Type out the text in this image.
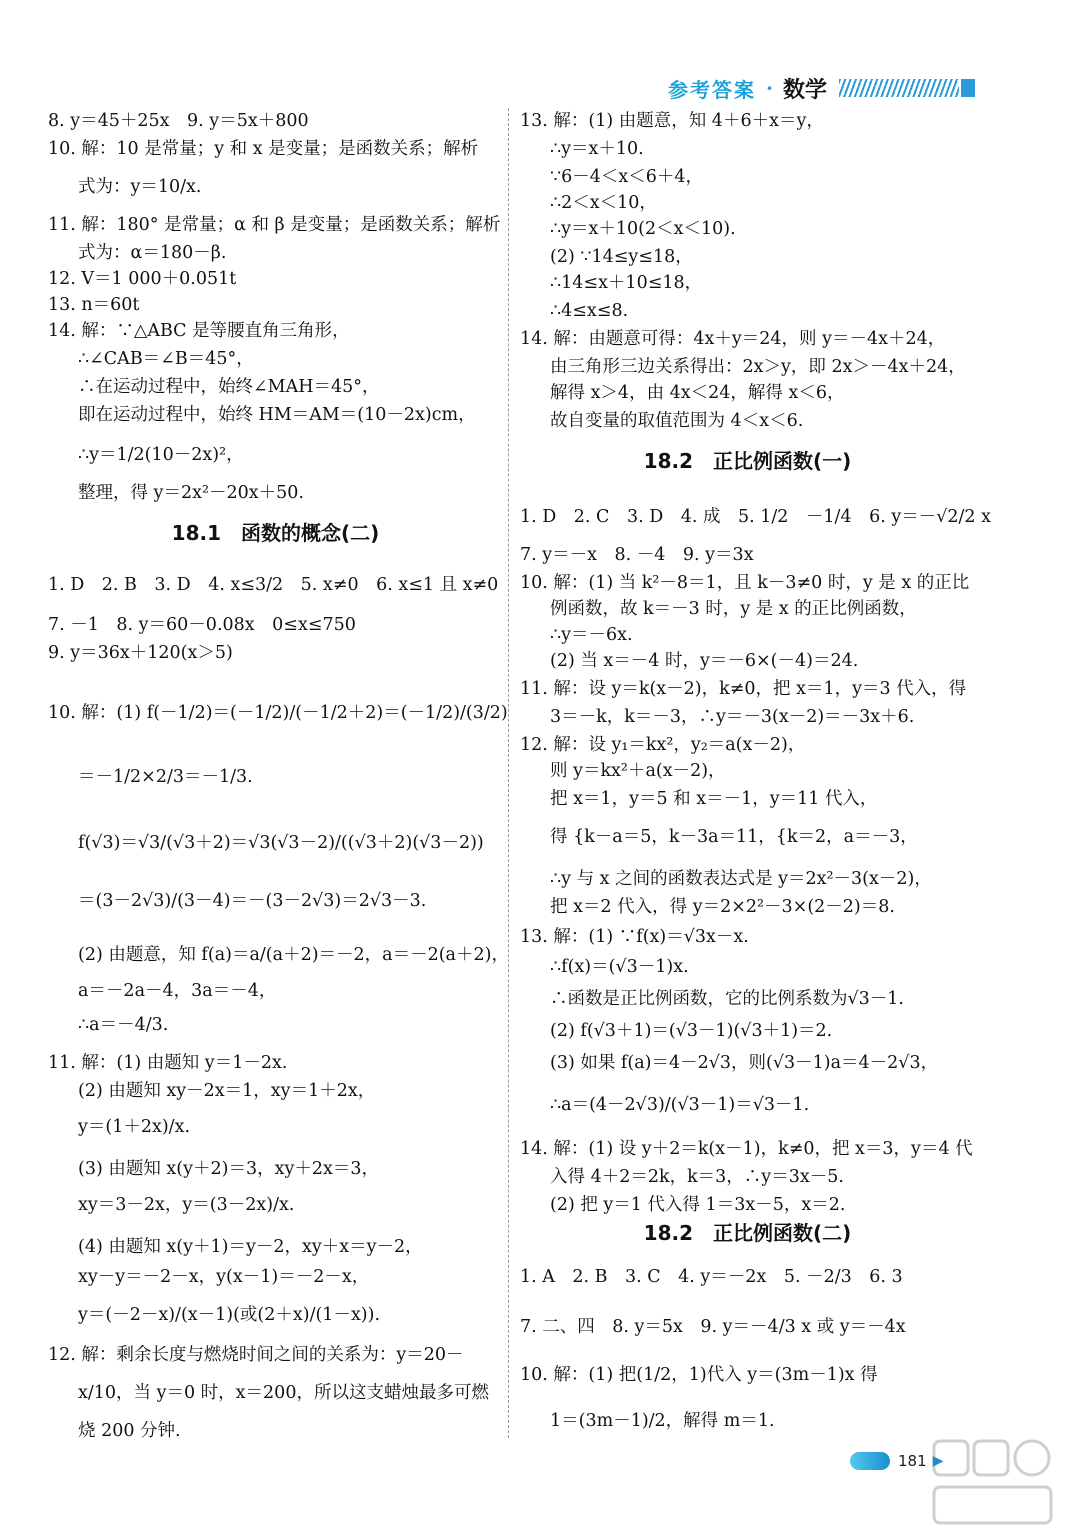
参考答案 · 数学
8. y＝45＋25x　9. y＝5x＋800
10. 解：10 是常量；y 和 x 是变量；是函数关系；解析
式为：y＝10/x.
11. 解：180° 是常量；α 和 β 是变量；是函数关系；解析
式为：α＝180－β.
12. V＝1 000＋0.051t
13. n＝60t
14. 解：∵△ABC 是等腰直角三角形，
∴∠CAB＝∠B＝45°，
∴在运动过程中，始终∠MAH＝45°，
即在运动过程中，始终 HM＝AM＝(10－2x)cm，
∴y＝1/2(10－2x)²，
整理，得 y＝2x²－20x＋50.
18.1　函数的概念(二)
1. D　2. B　3. D　4. x≤3/2　5. x≠0　6. x≤1 且 x≠0
7. －1　8. y＝60－0.08x　0≤x≤750
9. y＝36x＋120(x＞5)
10. 解：(1) f(－1/2)＝(－1/2)/(－1/2＋2)＝(－1/2)/(3/2)
＝－1/2×2/3＝－1/3.
f(√3)＝√3/(√3＋2)＝√3(√3－2)/((√3＋2)(√3－2))
＝(3－2√3)/(3－4)＝－(3－2√3)＝2√3－3.
(2) 由题意，知 f(a)＝a/(a＋2)＝－2，a＝－2(a＋2)，
a＝－2a－4，3a＝－4，
∴a＝－4/3.
11. 解：(1) 由题知 y＝1－2x.
(2) 由题知 xy－2x＝1，xy＝1＋2x，
y＝(1＋2x)/x.
(3) 由题知 x(y＋2)＝3，xy＋2x＝3，
xy＝3－2x，y＝(3－2x)/x.
(4) 由题知 x(y＋1)＝y－2，xy＋x＝y－2，
xy－y＝－2－x，y(x－1)＝－2－x，
y＝(－2－x)/(x－1)(或(2＋x)/(1－x)).
12. 解：剩余长度与燃烧时间之间的关系为：y＝20－
x/10，当 y＝0 时，x＝200，所以这支蜡烛最多可燃
烧 200 分钟.
13. 解：(1) 由题意，知 4＋6＋x＝y，
∴y＝x＋10.
∵6－4＜x＜6＋4，
∴2＜x＜10，
∴y＝x＋10(2＜x＜10).
(2) ∵14≤y≤18，
∴14≤x＋10≤18，
∴4≤x≤8.
14. 解：由题意可得：4x＋y＝24，则 y＝－4x＋24，
由三角形三边关系得出：2x＞y，即 2x＞－4x＋24，
解得 x＞4，由 4x＜24，解得 x＜6，
故自变量的取值范围为 4＜x＜6.
18.2　正比例函数(一)
1. D　2. C　3. D　4. 成　5. 1/2　－1/4　6. y＝－√2/2 x
7. y＝－x　8. －4　9. y＝3x
10. 解：(1) 当 k²－8＝1，且 k－3≠0 时，y 是 x 的正比
例函数，故 k＝－3 时，y 是 x 的正比例函数，
∴y＝－6x.
(2) 当 x＝－4 时，y＝－6×(－4)＝24.
11. 解：设 y＝k(x－2)，k≠0，把 x＝1，y＝3 代入，得
3＝－k，k＝－3，∴y＝－3(x－2)＝－3x＋6.
12. 解：设 y₁＝kx²，y₂＝a(x－2)，
则 y＝kx²＋a(x－2)，
把 x＝1，y＝5 和 x＝－1，y＝11 代入，
得 {k－a＝5，k－3a＝11，{k＝2，a＝－3，
∴y 与 x 之间的函数表达式是 y＝2x²－3(x－2)，
把 x＝2 代入，得 y＝2×2²－3×(2－2)＝8.
13. 解：(1) ∵f(x)＝√3x－x.
∴f(x)＝(√3－1)x.
∴函数是正比例函数，它的比例系数为√3－1.
(2) f(√3＋1)＝(√3－1)(√3＋1)＝2.
(3) 如果 f(a)＝4－2√3，则(√3－1)a＝4－2√3，
∴a＝(4－2√3)/(√3－1)＝√3－1.
14. 解：(1) 设 y＋2＝k(x－1)，k≠0，把 x＝3，y＝4 代
入得 4＋2＝2k，k＝3，∴y＝3x－5.
(2) 把 y＝1 代入得 1＝3x－5，x＝2.
18.2　正比例函数(二)
1. A　2. B　3. C　4. y＝－2x　5. －2/3　6. 3
7. 二、四　8. y＝5x　9. y＝－4/3 x 或 y＝－4x
10. 解：(1) 把(1/2，1)代入 y＝(3m－1)x 得
1＝(3m－1)/2，解得 m＝1.
181 ▶
